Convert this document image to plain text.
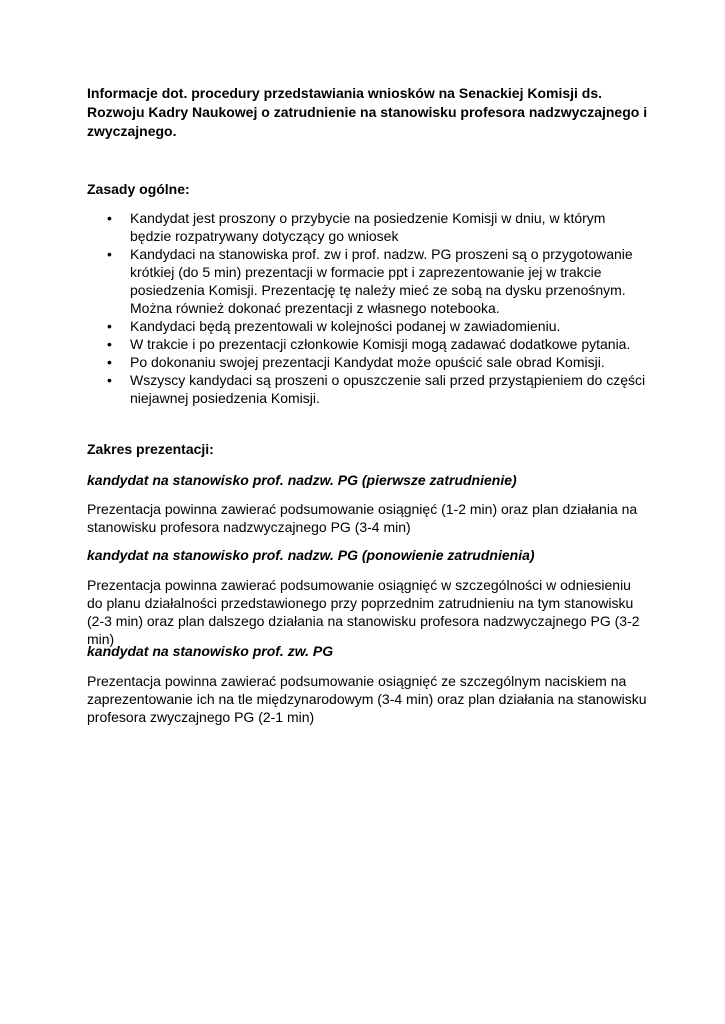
Informacje dot. procedury przedstawiania wniosków na Senackiej Komisji ds. Rozwoju Kadry Naukowej o zatrudnienie na stanowisku profesora nadzwyczajnego i zwyczajnego.
Zasady ogólne:
• Kandydat jest proszony o przybycie na posiedzenie Komisji w dniu, w którym będzie rozpatrywany dotyczący go wniosek
• Kandydaci na stanowiska prof. zw i prof. nadzw. PG proszeni są o przygotowanie krótkiej (do 5 min) prezentacji w formacie ppt i zaprezentowanie jej w trakcie posiedzenia Komisji. Prezentację tę należy mieć ze sobą na dysku przenośnym. Można również dokonać prezentacji z własnego notebooka.
• Kandydaci będą prezentowali w kolejności podanej w zawiadomieniu.
• W trakcie i po prezentacji członkowie Komisji mogą zadawać dodatkowe pytania.
• Po dokonaniu swojej prezentacji Kandydat może opuścić sale obrad Komisji.
• Wszyscy kandydaci są proszeni o opuszczenie sali przed przystąpieniem do części niejawnej posiedzenia Komisji.
Zakres prezentacji:
kandydat na stanowisko prof. nadzw. PG (pierwsze zatrudnienie)
Prezentacja powinna zawierać podsumowanie osiągnięć (1-2 min) oraz plan działania na stanowisku profesora nadzwyczajnego PG (3-4 min)
kandydat na stanowisko prof. nadzw. PG (ponowienie zatrudnienia)
Prezentacja powinna zawierać podsumowanie osiągnięć w szczególności w odniesieniu do planu działalności przedstawionego przy poprzednim zatrudnieniu na tym stanowisku (2-3 min) oraz plan dalszego działania na stanowisku profesora nadzwyczajnego PG (3-2 min)
kandydat na stanowisko prof. zw. PG
Prezentacja powinna zawierać podsumowanie osiągnięć ze szczególnym naciskiem na zaprezentowanie ich na tle międzynarodowym (3-4 min) oraz plan działania na stanowisku profesora zwyczajnego PG (2-1 min)
